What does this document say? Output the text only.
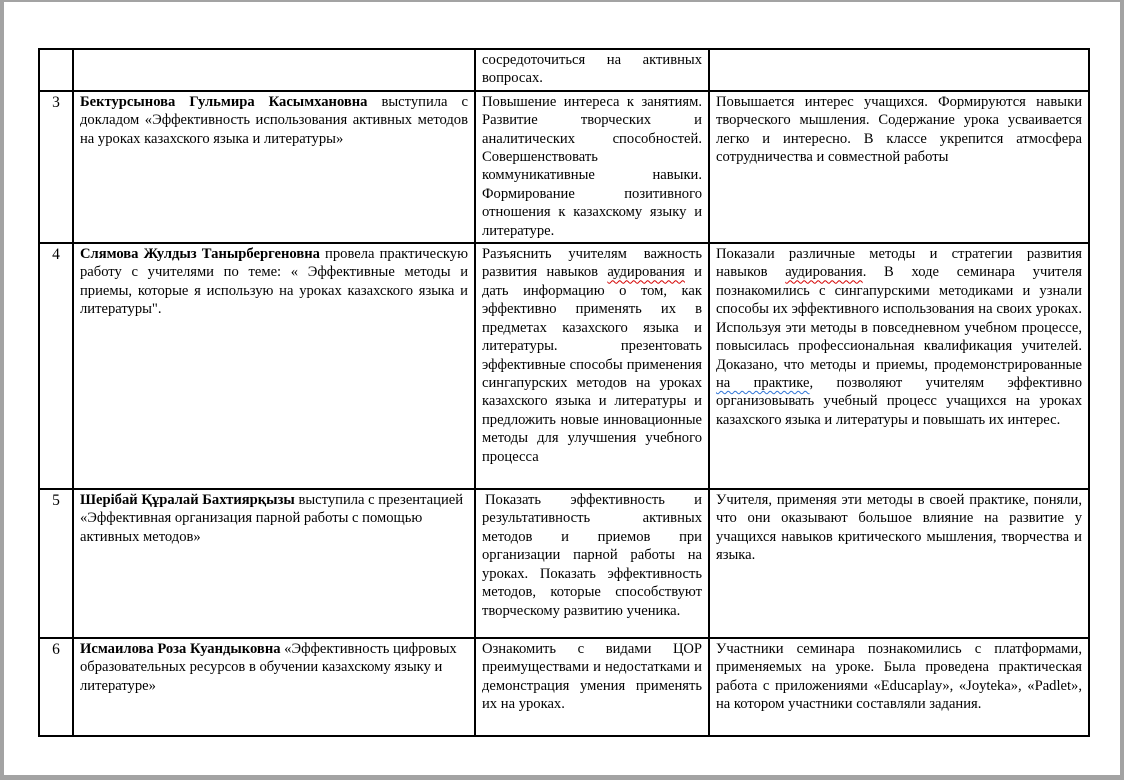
		сосредоточиться на активных вопросах.	
3	Бектурсынова Гульмира Касымхановна выступила с докладом «Эффективность использования активных методов на уроках казахского языка и литературы»	Повышение интереса к занятиям. Развитие творческих и аналитических способностей. Совершенствовать коммуникативные навыки. Формирование позитивного отношения к казахскому языку и литературе.	Повышается интерес учащихся. Формируются навыки творческого мышления. Содержание урока усваивается легко и интересно. В классе укрепится атмосфера сотрудничества и совместной работы
4	Слямова Жулдыз Танырбергеновна провела практическую работу с учителями по теме: « Эффективные методы и приемы, которые я использую на уроках казахского языка и литературы".	Разъяснить учителям важность развития навыков аудирования и дать информацию о том, как эффективно применять их в предметах казахского языка и литературы. презентовать эффективные способы применения сингапурских методов на уроках казахского языка и литературы и предложить новые инновационные методы для улучшения учебного процесса	Показали различные методы и стратегии развития навыков аудирования. В ходе семинара учителя познакомились с сингапурскими методиками и узнали способы их эффективного использования на своих уроках. Используя эти методы в повседневном учебном процессе, повысилась профессиональная квалификация учителей. Доказано, что методы и приемы, продемонстрированные на практике, позволяют учителям эффективно организовывать учебный процесс учащихся на уроках казахского языка и литературы и повышать их интерес.
5	Шерібай Құралай Бахтиярқызы выступила с презентацией «Эффективная организация парной работы с помощью активных методов»	Показать эффективность и результативность активных методов и приемов при организации парной работы на уроках. Показать эффективность методов, которые способствуют творческому развитию ученика.	Учителя, применяя эти методы в своей практике, поняли, что они оказывают большое влияние на развитие у учащихся навыков критического мышления, творчества и языка.
6	Исмаилова Роза Куандыковна «Эффективность цифровых образовательных ресурсов в обучении казахскому языку и литературе»	Ознакомить с видами ЦОР преимуществами и недостатками и демонстрация умения применять их на уроках.	Участники семинара познакомились с платформами, применяемых на уроке. Была проведена практическая работа с приложениями «Educaplay», «Joyteka», «Padlet», на котором участники составляли задания.
